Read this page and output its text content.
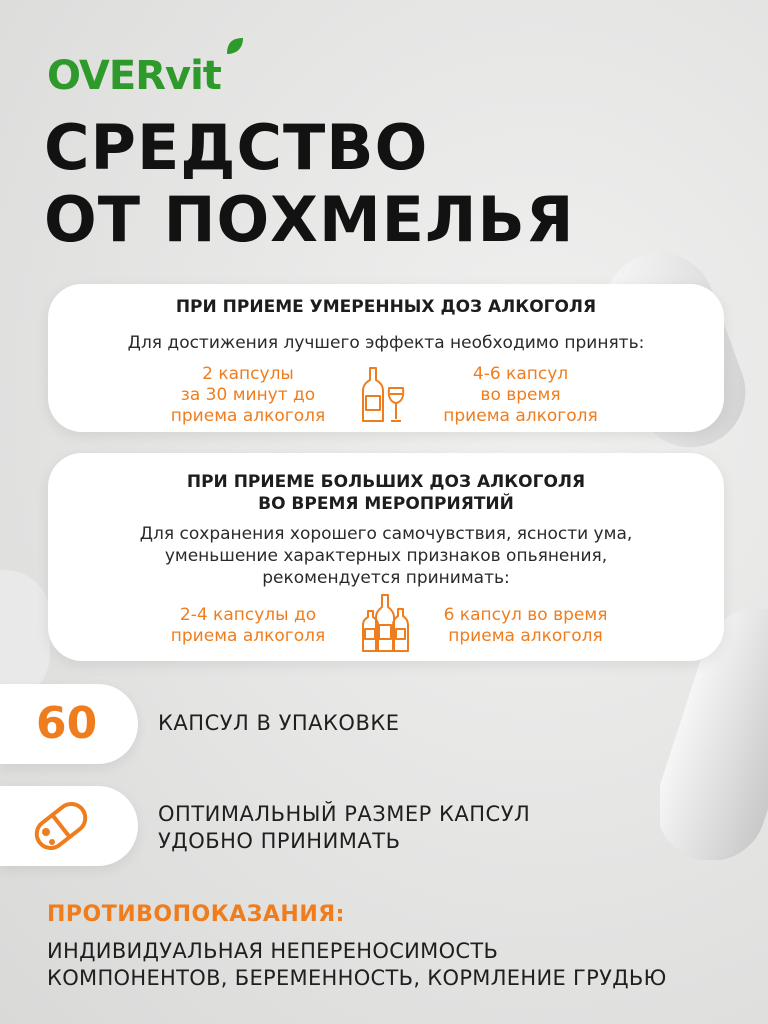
OVERvit
СРЕДСТВО
ОТ ПОХМЕЛЬЯ
ПРИ ПРИЕМЕ УМЕРЕННЫХ ДОЗ АЛКОГОЛЯ
Для достижения лучшего эффекта необходимо принять:
2 капсулы
за 30 минут до
приема алкоголя
4-6 капсул
во время
приема алкоголя
ПРИ ПРИЕМЕ БОЛЬШИХ ДОЗ АЛКОГОЛЯ
ВО ВРЕМЯ МЕРОПРИЯТИЙ
Для сохранения хорошего самочувствия, ясности ума,
уменьшение характерных признаков опьянения,
рекомендуется принимать:
2-4 капсулы до
приема алкоголя
6 капсул во время
приема алкоголя
60	КАПСУЛ В УПАКОВКЕ
ОПТИМАЛЬНЫЙ РАЗМЕР КАПСУЛ
УДОБНО ПРИНИМАТЬ
ПРОТИВОПОКАЗАНИЯ:
ИНДИВИДУАЛЬНАЯ НЕПЕРЕНОСИМОСТЬ
КОМПОНЕНТОВ, БЕРЕМЕННОСТЬ, КОРМЛЕНИЕ ГРУДЬЮ
